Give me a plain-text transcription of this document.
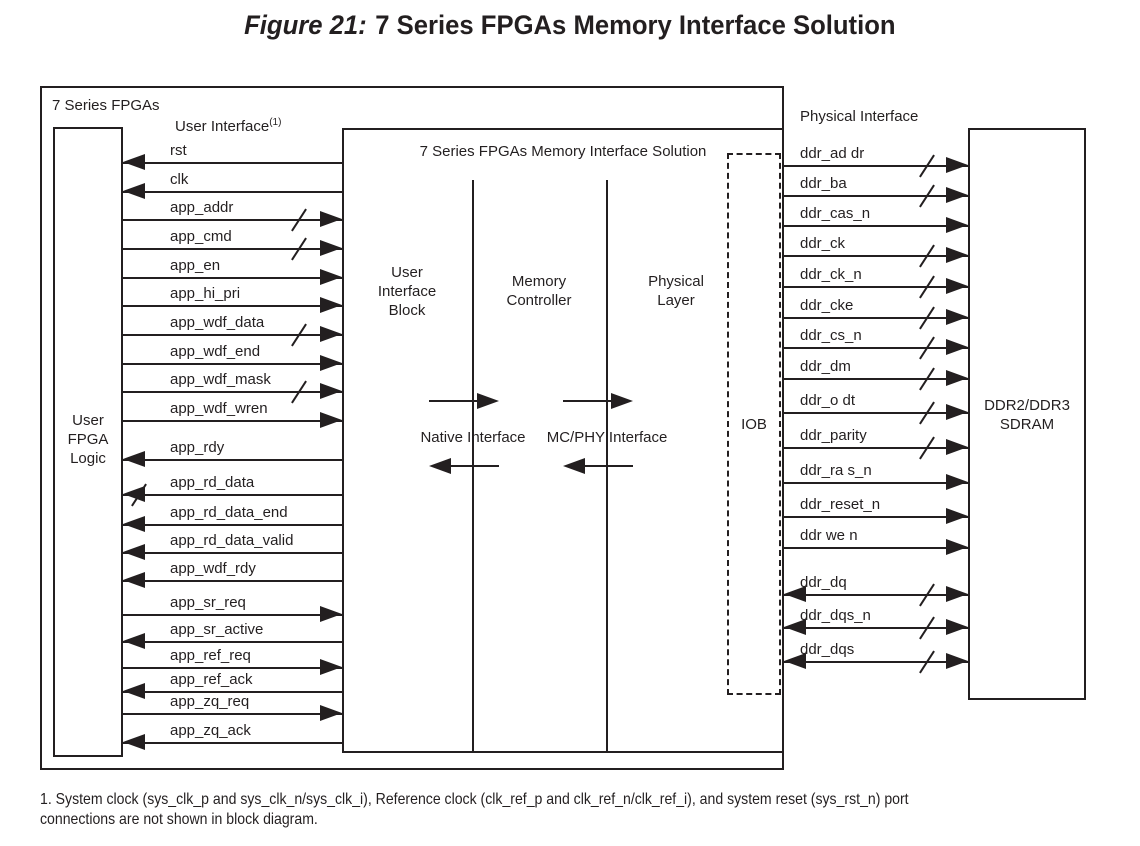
Figure 21: 7 Series FPGAs Memory Interface Solution
7 Series FPGAs
User FPGA Logic
User Interface$^{(1)}$
7 Series FPGAs Memory Interface Solution
User Interface Block
Memory Controller
Physical Layer
Native Interface MC/PHY Interface
IOB
Physical Interface
DDR2/DDR3 SDRAM
rst
clk
app_addr
app_cmd
app_en
app_hi_pri
app_wdf_data
app_wdf_end
app_wdf_mask
app_wdf_wren
app_rdy
app_rd_data
app_rd_data_end
app_rd_data_valid
app_wdf_rdy
app_sr_req
app_sr_active
app_ref_req
app_ref_ack
app_zq_req
app_zq_ack
ddr_ad dr
ddr_ba
ddr_cas_n
ddr_ck
ddr_ck_n
ddr_cke
ddr_cs_n
ddr_dm
ddr_o dt
ddr_parity
ddr_ra s_n
ddr_reset_n
ddr we n
ddr_dq
ddr_dqs_n
ddr_dqs
1. System clock (sys_clk_p and sys_clk_n/sys_clk_i), Reference clock (clk_ref_p and clk_ref_n/clk_ref_i), and system reset (sys_rst_n) port
connections are not shown in block diagram.
